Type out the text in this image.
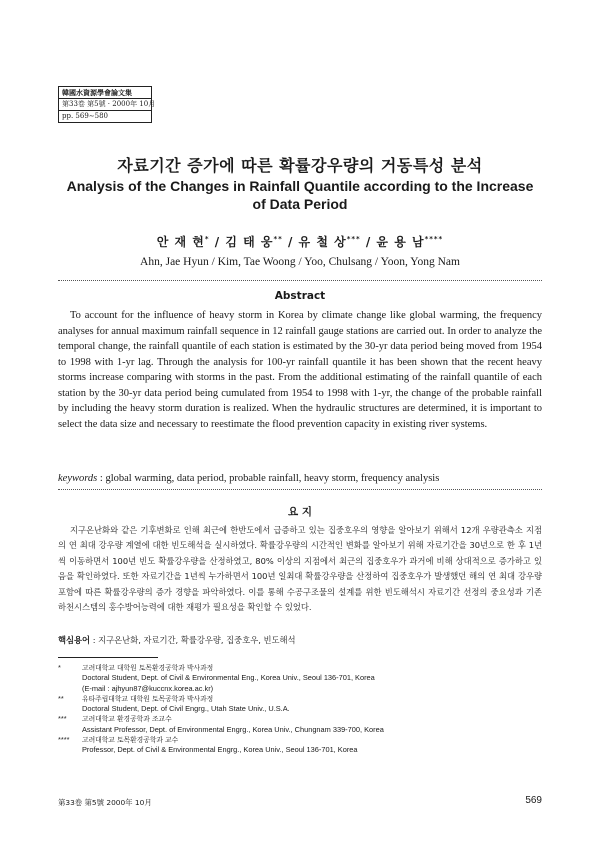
韓國水資源學會論文集
第33卷 第5號 · 2000年 10月
pp. 569∼580
자료기간 증가에 따른 확률강우량의 거동특성 분석
Analysis of the Changes in Rainfall Quantile according to the Increase of Data Period
안 재 현* / 김 태 웅** / 유 철 상*** / 윤 용 남****
Ahn, Jae Hyun / Kim, Tae Woong / Yoo, Chulsang / Yoon, Yong Nam
Abstract

To account for the influence of heavy storm in Korea by climate change like global warming, the frequency analyses for annual maximum rainfall sequence in 12 rainfall gauge stations are carried out. In order to analyze the temporal change, the rainfall quantile of each station is estimated by the 30-yr data period being moved from 1954 to 1998 with 1-yr lag. Through the analysis for 100-yr rainfall quantile it has been shown that the recent heavy storms increase comparing with storms in the past. From the additional estimating of the rainfall quantile of each station by the 30-yr data period being cumulated from 1954 to 1998 with 1-yr, the change of the probable rainfall by including the heavy storm duration is realized. When the hydraulic structures are determined, it is important to select the data size and necessary to reestimate the flood prevention capacity in existing river systems.

keywords : global warming, data period, probable rainfall, heavy storm, frequency analysis
요 지

지구온난화와 같은 기후변화로 인해 최근에 한반도에서 급증하고 있는 집중호우의 영향을 알아보기 위해서 12개 우량관측소 지점의 연 최대 강우량 계열에 대한 빈도해석을 실시하였다. 확률강우량의 시간적인 변화를 알아보기 위해 자료기간을 30년으로 한 후 1년씩 이동하면서 100년 빈도 확률강우량을 산정하였고, 80% 이상의 지점에서 최근의 집중호우가 과거에 비해 상대적으로 증가하고 있음을 확인하였다. 또한 자료기간을 1년씩 누가하면서 100년 일최대 확률강우량을 산정하여 집중호우가 발생했던 해의 연 최대 강우량 포함에 따른 확률강우량의 증가 경향을 파악하였다. 이를 통해 수공구조물의 설계를 위한 빈도해석시 자료기간 선정의 중요성과 기존 하천시스템의 홍수방어능력에 대한 재평가 필요성을 확인할 수 있었다.

핵심용어 : 지구온난화, 자료기간, 확률강우량, 집중호우, 빈도해석
*	고려대학교 대학원 토목환경공학과 박사과정
Doctoral Student, Dept. of Civil & Environmental Eng., Korea Univ., Seoul 136-701, Korea
(E-mail : ajhyun87@kuccnx.korea.ac.kr)
**	유타주립대학교 대학원 토목공학과 박사과정
Doctoral Student, Dept. of Civil Engrg., Utah State Univ., U.S.A.
***	고려대학교 환경공학과 조교수
Assistant Professor, Dept. of Environmental Engrg., Korea Univ., Chungnam 339-700, Korea
****	고려대학교 토목환경공학과 교수
Professor, Dept. of Civil & Environmental Engrg., Korea Univ., Seoul 136-701, Korea
第33卷 第5號 2000年 10月	569
